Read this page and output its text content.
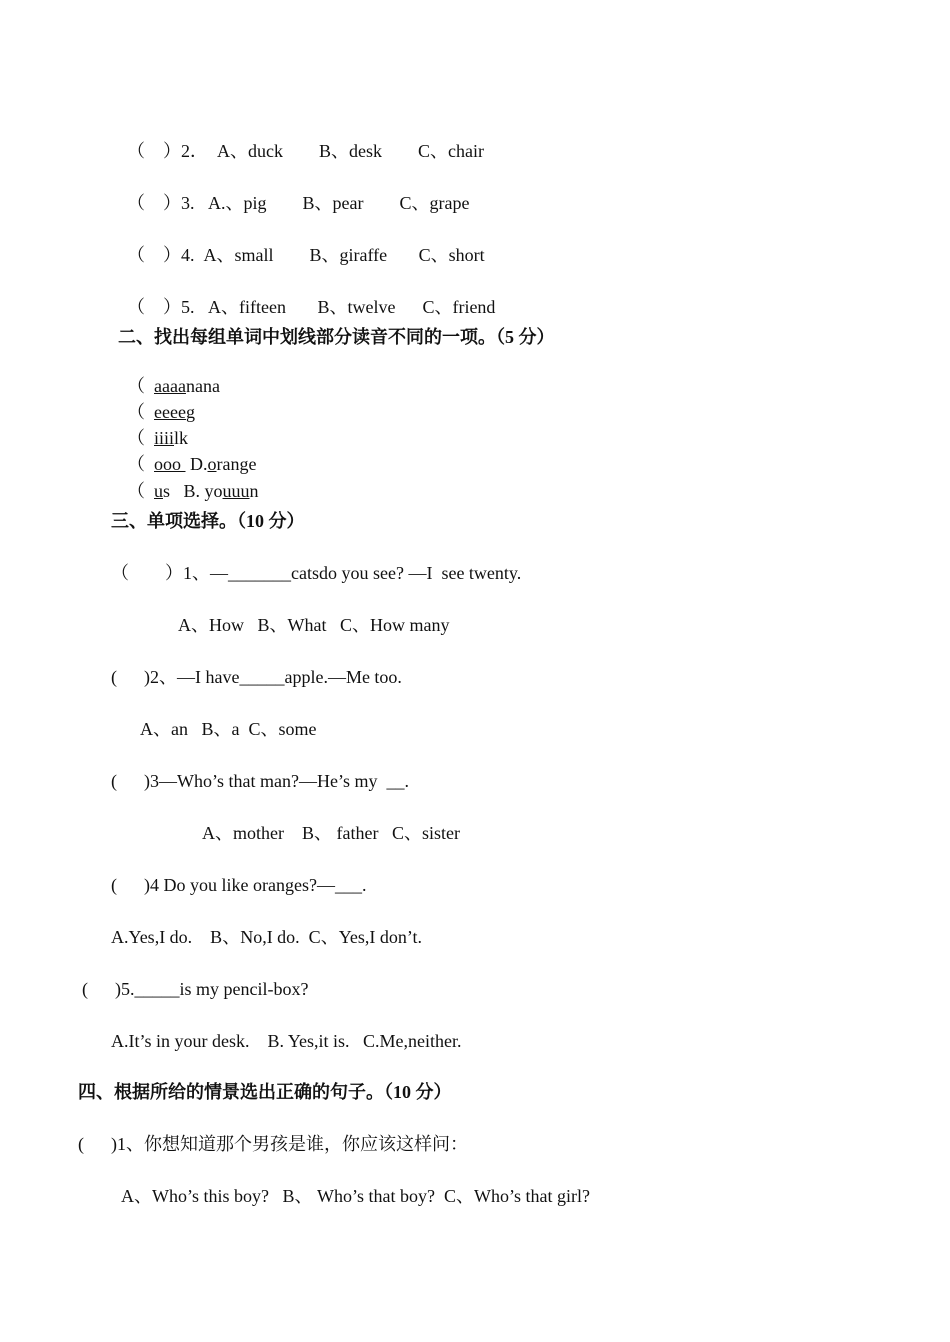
（    ）2．  A、duck        B、desk        C、chair

（    ）3.   A.、pig        B、pear        C、grape

（    ）4.  A、small        B、giraffe       C、short

（    ）5.   A、fifteen       B、twelve      C、friend

二、找出每组单词中划线部分读音不同的一项。（5 分）

（ aaaanana

（ eeeeg

（ iiiilk

（ ooo  D.orange

（ us   B. youuun

三、单项选择。（10 分）
（        ）1、—_______catsdo you see? —I  see twenty.
A、How   B、What   C、How many
(      )2、—I have_____apple.—Me too.
A、an   B、a  C、some
(      )3—Who’s that man?—He’s my  __.
A、mother    B、 father   C、sister
(      )4 Do you like oranges?—___.
A.Yes,I do.    B、No,I do.  C、Yes,I don’t.
(      )5._____is my pencil-box?
A.It’s in your desk.    B. Yes,it is.   C.Me,neither.
四、根据所给的情景选出正确的句子。（10 分）
(      )1、你想知道那个男孩是谁，你应该这样问：
A、Who’s this boy?   B、 Who’s that boy?  C、Who’s that girl?
